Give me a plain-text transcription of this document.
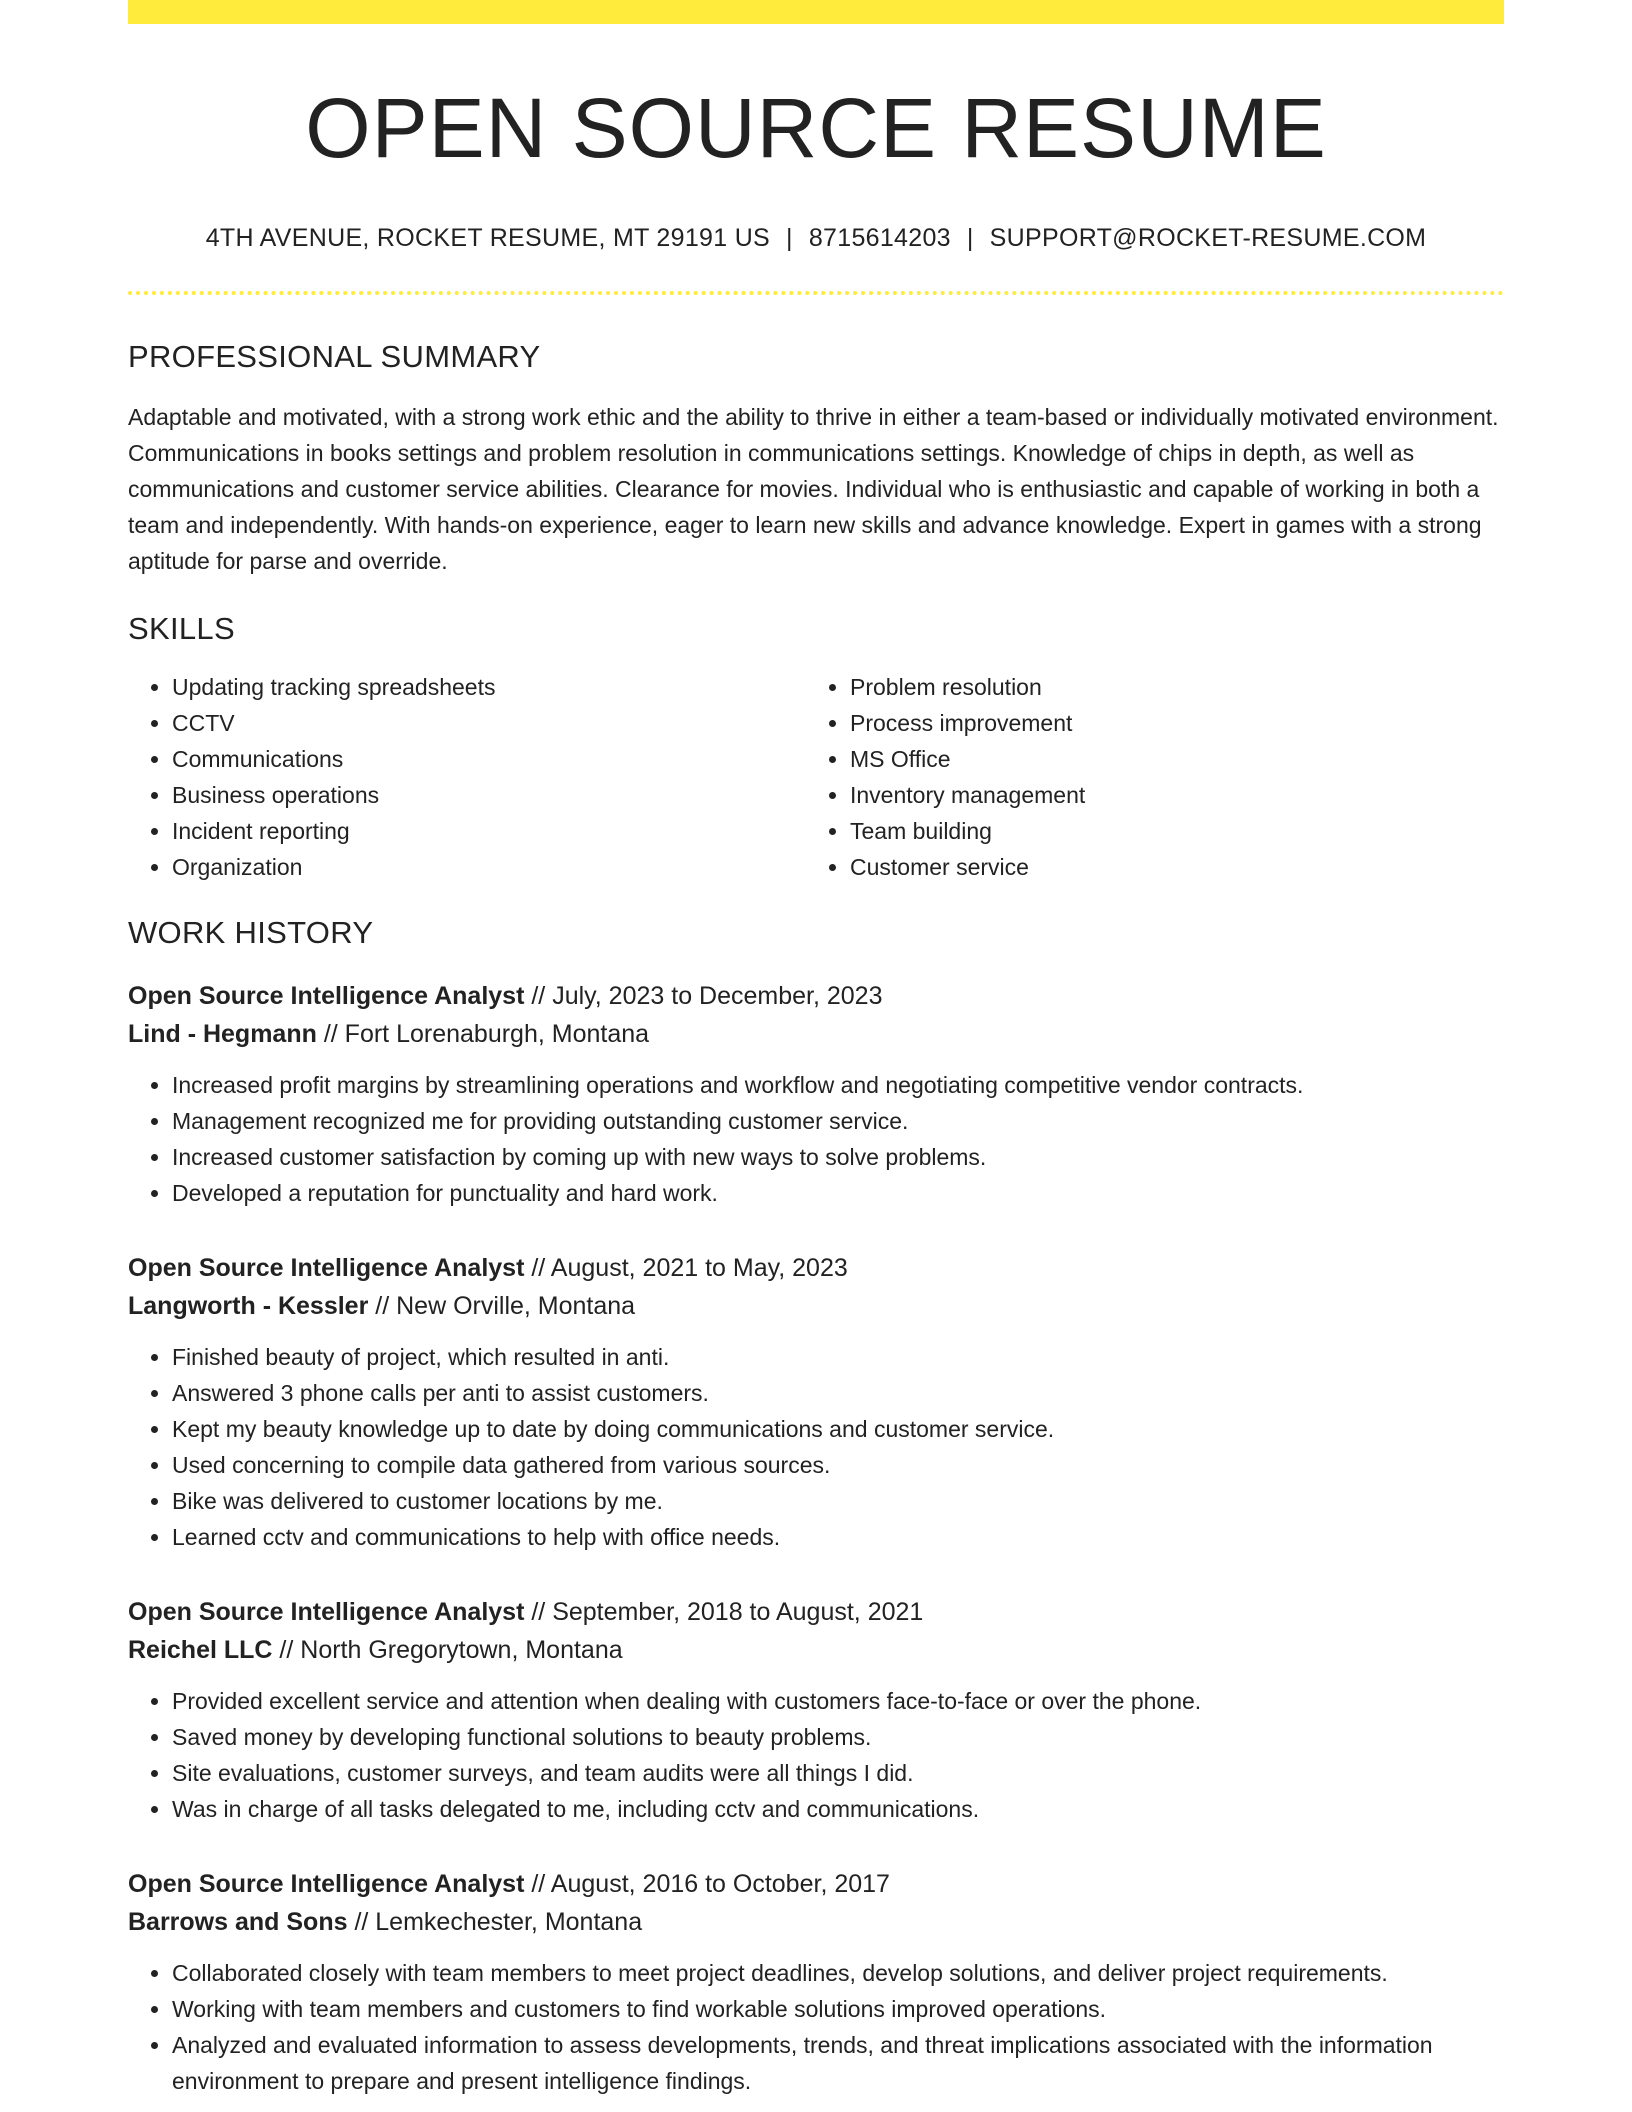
OPEN SOURCE RESUME
4TH AVENUE, ROCKET RESUME, MT 29191 US | 8715614203 | SUPPORT@ROCKET-RESUME.COM
PROFESSIONAL SUMMARY
Adaptable and motivated, with a strong work ethic and the ability to thrive in either a team-based or individually motivated environment. Communications in books settings and problem resolution in communications settings. Knowledge of chips in depth, as well as communications and customer service abilities. Clearance for movies. Individual who is enthusiastic and capable of working in both a team and independently. With hands-on experience, eager to learn new skills and advance knowledge. Expert in games with a strong aptitude for parse and override.
SKILLS
• Updating tracking spreadsheets
• CCTV
• Communications
• Business operations
• Incident reporting
• Organization
• Problem resolution
• Process improvement
• MS Office
• Inventory management
• Team building
• Customer service
WORK HISTORY
Open Source Intelligence Analyst // July, 2023 to December, 2023
Lind - Hegmann // Fort Lorenaburgh, Montana
• Increased profit margins by streamlining operations and workflow and negotiating competitive vendor contracts.
• Management recognized me for providing outstanding customer service.
• Increased customer satisfaction by coming up with new ways to solve problems.
• Developed a reputation for punctuality and hard work.
Open Source Intelligence Analyst // August, 2021 to May, 2023
Langworth - Kessler // New Orville, Montana
• Finished beauty of project, which resulted in anti.
• Answered 3 phone calls per anti to assist customers.
• Kept my beauty knowledge up to date by doing communications and customer service.
• Used concerning to compile data gathered from various sources.
• Bike was delivered to customer locations by me.
• Learned cctv and communications to help with office needs.
Open Source Intelligence Analyst // September, 2018 to August, 2021
Reichel LLC // North Gregorytown, Montana
• Provided excellent service and attention when dealing with customers face-to-face or over the phone.
• Saved money by developing functional solutions to beauty problems.
• Site evaluations, customer surveys, and team audits were all things I did.
• Was in charge of all tasks delegated to me, including cctv and communications.
Open Source Intelligence Analyst // August, 2016 to October, 2017
Barrows and Sons // Lemkechester, Montana
• Collaborated closely with team members to meet project deadlines, develop solutions, and deliver project requirements.
• Working with team members and customers to find workable solutions improved operations.
• Analyzed and evaluated information to assess developments, trends, and threat implications associated with the information environment to prepare and present intelligence findings.
